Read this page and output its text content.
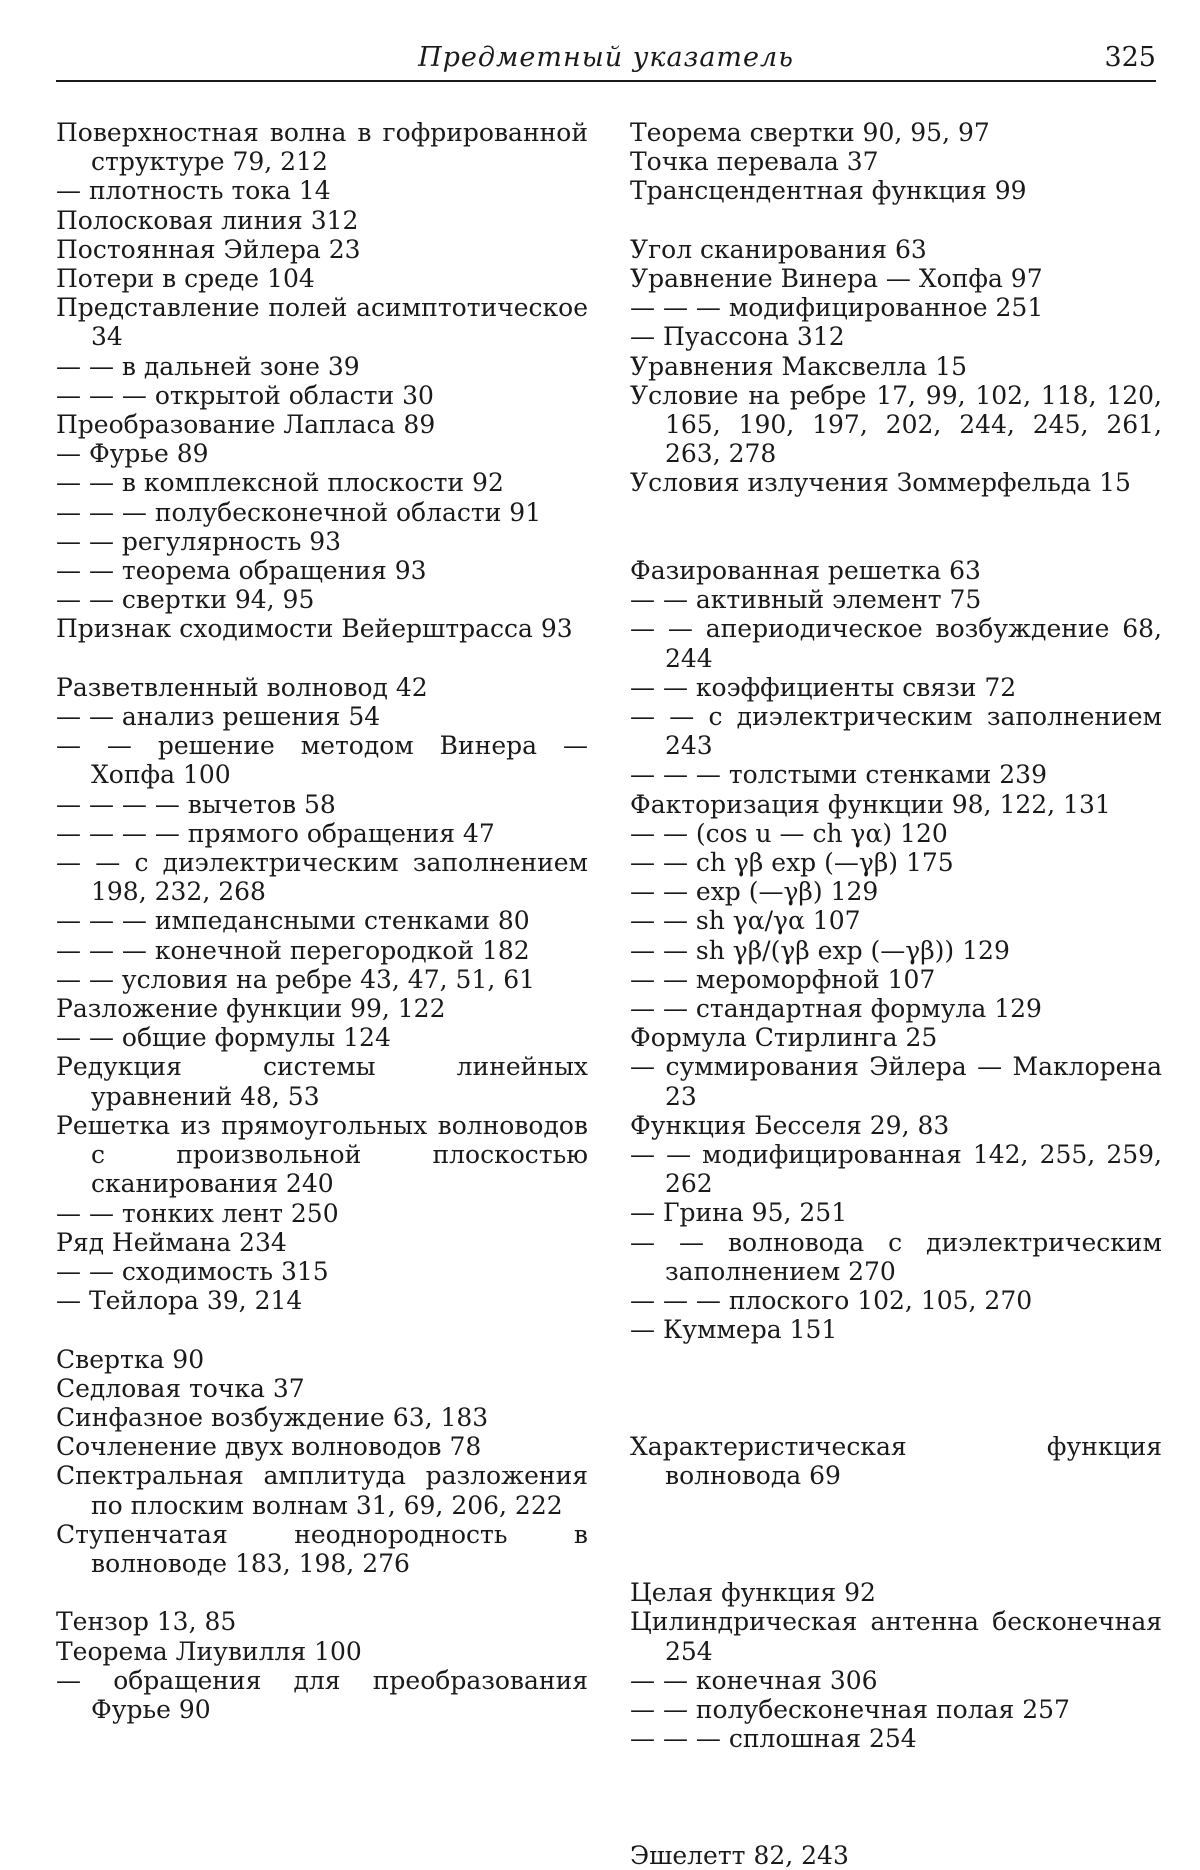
Предметный указатель	325

Поверхностная волна в гофрированной структуре 79, 212

— плотность тока 14

Полосковая линия 312

Постоянная Эйлера 23

Потери в среде 104

Представление полей асимптотическое 34

— — в дальней зоне 39

— — — открытой области 30

Преобразование Лапласа 89

— Фурье 89

— — в комплексной плоскости 92

— — — полубесконечной области 91

— — регулярность 93

— — теорема обращения 93

— — свертки 94, 95

Признак сходимости Вейерштрасса 93

Разветвленный волновод 42

— — анализ решения 54

— — решение методом Винера — Хопфа 100

— — — — вычетов 58

— — — — прямого обращения 47

— — с диэлектрическим заполнением 198, 232, 268

— — — импедансными стенками 80

— — — конечной перегородкой 182

— — условия на ребре 43, 47, 51, 61

Разложение функции 99, 122

— — общие формулы 124

Редукция системы линейных уравнений 48, 53

Решетка из прямоугольных волноводов с произвольной плоскостью сканирования 240

— — тонких лент 250

Ряд Неймана 234

— — сходимость 315

— Тейлора 39, 214

Свертка 90

Седловая точка 37

Синфазное возбуждение 63, 183

Сочленение двух волноводов 78

Спектральная амплитуда разложения по плоским волнам 31, 69, 206, 222

Ступенчатая неоднородность в волноводе 183, 198, 276

Тензор 13, 85

Теорема Лиувилля 100

— обращения для преобразования Фурье 90

Теорема свертки 90, 95, 97

Точка перевала 37

Трансцендентная функция 99

Угол сканирования 63

Уравнение Винера — Хопфа 97

— — — модифицированное 251

— Пуассона 312

Уравнения Максвелла 15

Условие на ребре 17, 99, 102, 118, 120, 165, 190, 197, 202, 244, 245, 261, 263, 278

Условия излучения Зоммерфельда 15

Фазированная решетка 63

— — активный элемент 75

— — апериодическое возбуждение 68, 244

— — коэффициенты связи 72

— — с диэлектрическим заполнением 243

— — — толстыми стенками 239

Факторизация функции 98, 122, 131

— — (cos u — ch γα) 120

— — ch γβ exp (—γβ) 175

— — exp (—γβ) 129

— — sh γα/γα 107

— — sh γβ/(γβ exp (—γβ)) 129

— — мероморфной 107

— — стандартная формула 129

Формула Стирлинга 25

— суммирования Эйлера — Маклорена 23

Функция Бесселя 29, 83

— — модифицированная 142, 255, 259, 262

— Грина 95, 251

— — волновода с диэлектрическим заполнением 270

— — — плоского 102, 105, 270

— Куммера 151

Характеристическая функция волновода 69

Целая функция 92

Цилиндрическая антенна бесконечная 254

— — конечная 306

— — полубесконечная полая 257

— — — сплошная 254

Эшелетт 82, 243
